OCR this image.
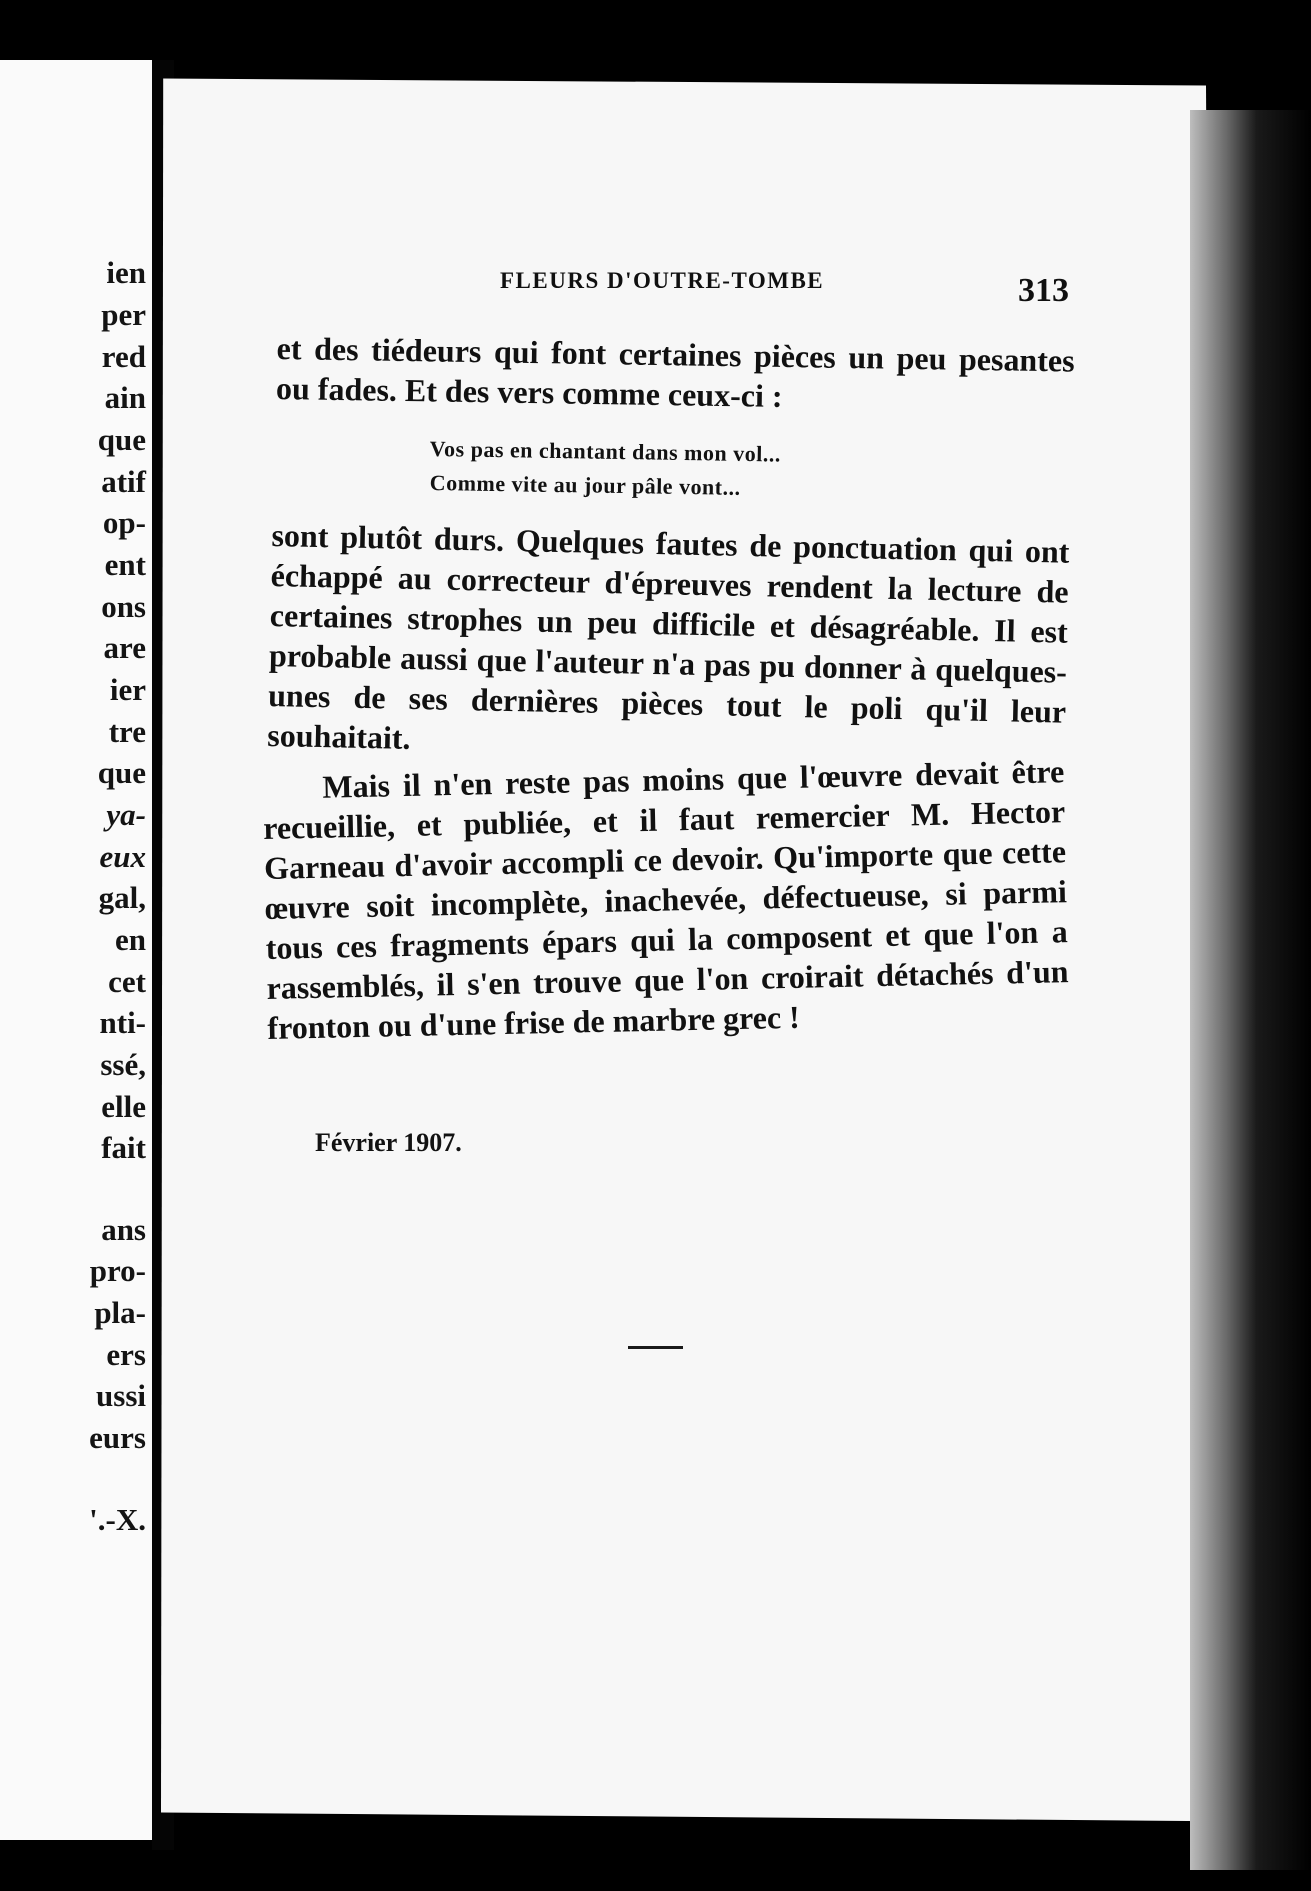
ien
per
red
ain
que
atif
op-
ent
ons
are
ier
tre
que
ya-
eux
gal,
en
cet
nti-
ssé,
elle
fait
ans
pro-
pla-
ers
ussi
eurs
'.-X.
FLEURS D'OUTRE-TOMBE	313
et des tiédeurs qui font certaines pièces un peu pesantes ou fades. Et des vers comme ceux-ci :
Vos pas en chantant dans mon vol...
Comme vite au jour pâle vont...
sont plutôt durs. Quelques fautes de ponctuation qui ont échappé au correcteur d'épreuves rendent la lecture de certaines strophes un peu difficile et désagréable. Il est probable aussi que l'auteur n'a pas pu donner à quelques-unes de ses dernières pièces tout le poli qu'il leur souhaitait.
Mais il n'en reste pas moins que l'œuvre devait être recueillie, et publiée, et il faut remercier M. Hector Garneau d'avoir accompli ce devoir. Qu'importe que cette œuvre soit incomplète, inachevée, défectueuse, si parmi tous ces fragments épars qui la composent et que l'on a rassemblés, il s'en trouve que l'on croirait détachés d'un fronton ou d'une frise de marbre grec !
Février 1907.
